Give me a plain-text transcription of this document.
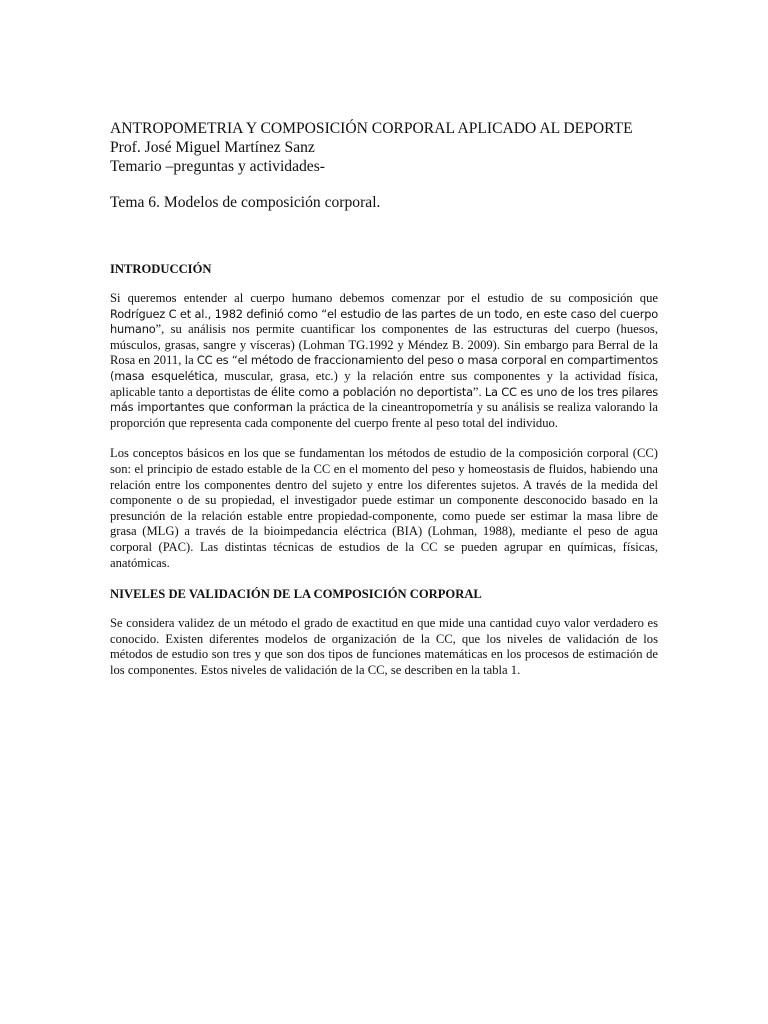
ANTROPOMETRIA Y COMPOSICIÓN CORPORAL APLICADO AL DEPORTE

Prof. José Miguel Martínez Sanz

Temario –preguntas y actividades-

Tema 6. Modelos de composición corporal.

INTRODUCCIÓN

Si queremos entender al cuerpo humano debemos comenzar por el estudio de su composición que Rodríguez C et al., 1982 definió como “el estudio de las partes de un todo, en este caso del cuerpo humano”, su análisis nos permite cuantificar los componentes de las estructuras del cuerpo (huesos, músculos, grasas, sangre y vísceras) (Lohman TG.1992 y Méndez B. 2009). Sin embargo para Berral de la Rosa en 2011, la CC es “el método de fraccionamiento del peso o masa corporal en compartimentos (masa esquelética, muscular, grasa, etc.) y la relación entre sus componentes y la actividad física, aplicable tanto a deportistas de élite como a población no deportista”. La CC es uno de los tres pilares más importantes que conforman la práctica de la cineantropometría y su análisis se realiza valorando la proporción que representa cada componente del cuerpo frente al peso total del individuo.

Los conceptos básicos en los que se fundamentan los métodos de estudio de la composición corporal (CC) son: el principio de estado estable de la CC en el momento del peso y homeostasis de fluidos, habiendo una relación entre los componentes dentro del sujeto y entre los diferentes sujetos. A través de la medida del componente o de su propiedad, el investigador puede estimar un componente desconocido basado en la presunción de la relación estable entre propiedad-componente, como puede ser estimar la masa libre de grasa (MLG) a través de la bioimpedancia eléctrica (BIA) (Lohman, 1988), mediante el peso de agua corporal (PAC). Las distintas técnicas de estudios de la CC se pueden agrupar en químicas, físicas, anatómicas.

NIVELES DE VALIDACIÓN DE LA COMPOSICIÓN CORPORAL

Se considera validez de un método el grado de exactitud en que mide una cantidad cuyo valor verdadero es conocido. Existen diferentes modelos de organización de la CC, que los niveles de validación de los métodos de estudio son tres y que son dos tipos de funciones matemáticas en los procesos de estimación de los componentes. Estos niveles de validación de la CC, se describen en la tabla 1.
